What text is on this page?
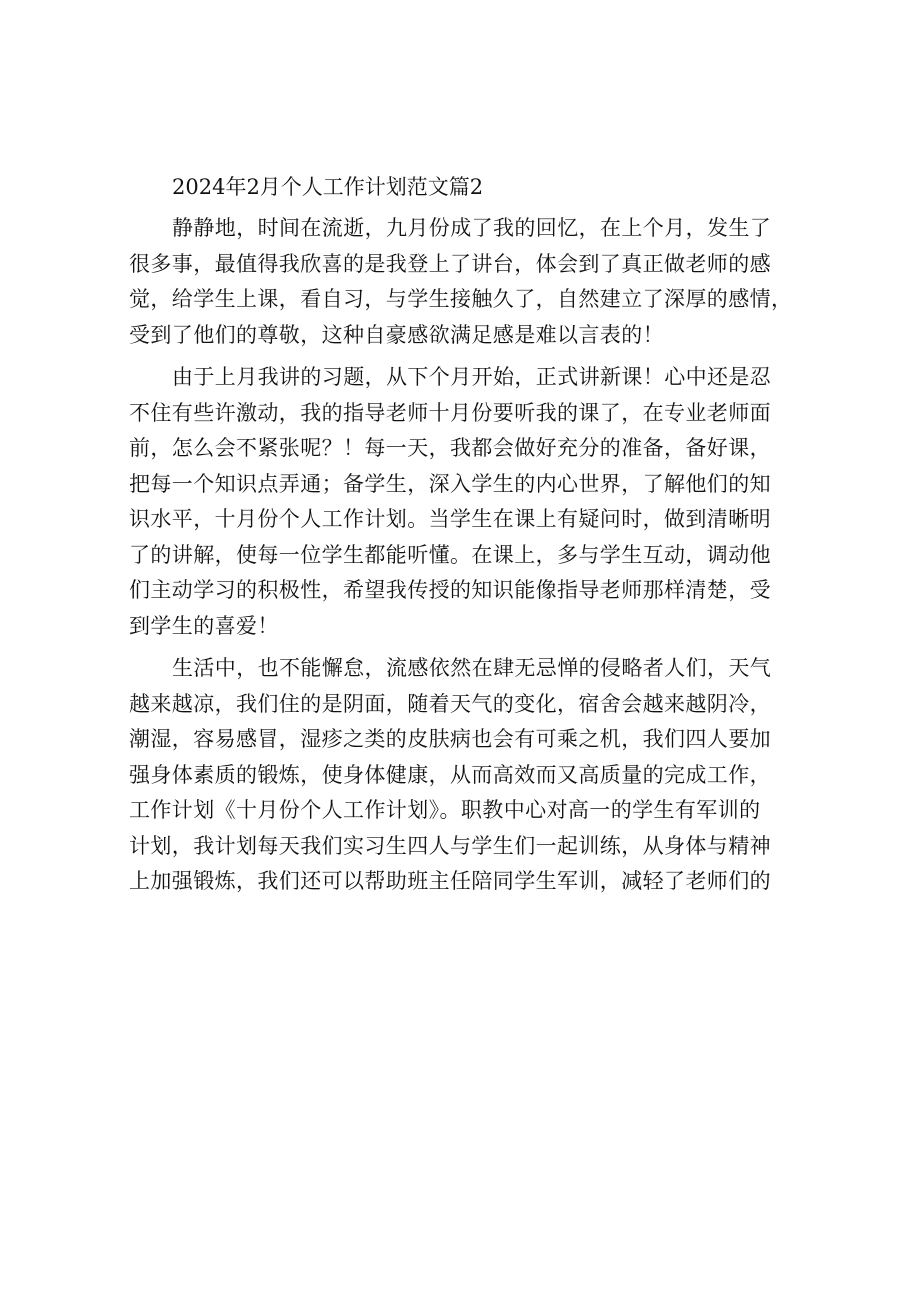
2024年2月个人工作计划范文篇2
静静地，时间在流逝，九月份成了我的回忆，在上个月，发生了
很多事，最值得我欣喜的是我登上了讲台，体会到了真正做老师的感
觉，给学生上课，看自习，与学生接触久了，自然建立了深厚的感情，
受到了他们的尊敬，这种自豪感欲满足感是难以言表的！
由于上月我讲的习题，从下个月开始，正式讲新课！心中还是忍
不住有些许激动，我的指导老师十月份要听我的课了，在专业老师面
前，怎么会不紧张呢？！每一天，我都会做好充分的准备，备好课，
把每一个知识点弄通；备学生，深入学生的内心世界，了解他们的知
识水平，十月份个人工作计划。当学生在课上有疑问时，做到清晰明
了的讲解，使每一位学生都能听懂。在课上，多与学生互动，调动他
们主动学习的积极性，希望我传授的知识能像指导老师那样清楚，受
到学生的喜爱！
生活中，也不能懈怠，流感依然在肆无忌惮的侵略者人们，天气
越来越凉，我们住的是阴面，随着天气的变化，宿舍会越来越阴冷，
潮湿，容易感冒，湿疹之类的皮肤病也会有可乘之机，我们四人要加
强身体素质的锻炼，使身体健康，从而高效而又高质量的完成工作，
工作计划《十月份个人工作计划》。职教中心对高一的学生有军训的
计划，我计划每天我们实习生四人与学生们一起训练，从身体与精神
上加强锻炼，我们还可以帮助班主任陪同学生军训，减轻了老师们的
